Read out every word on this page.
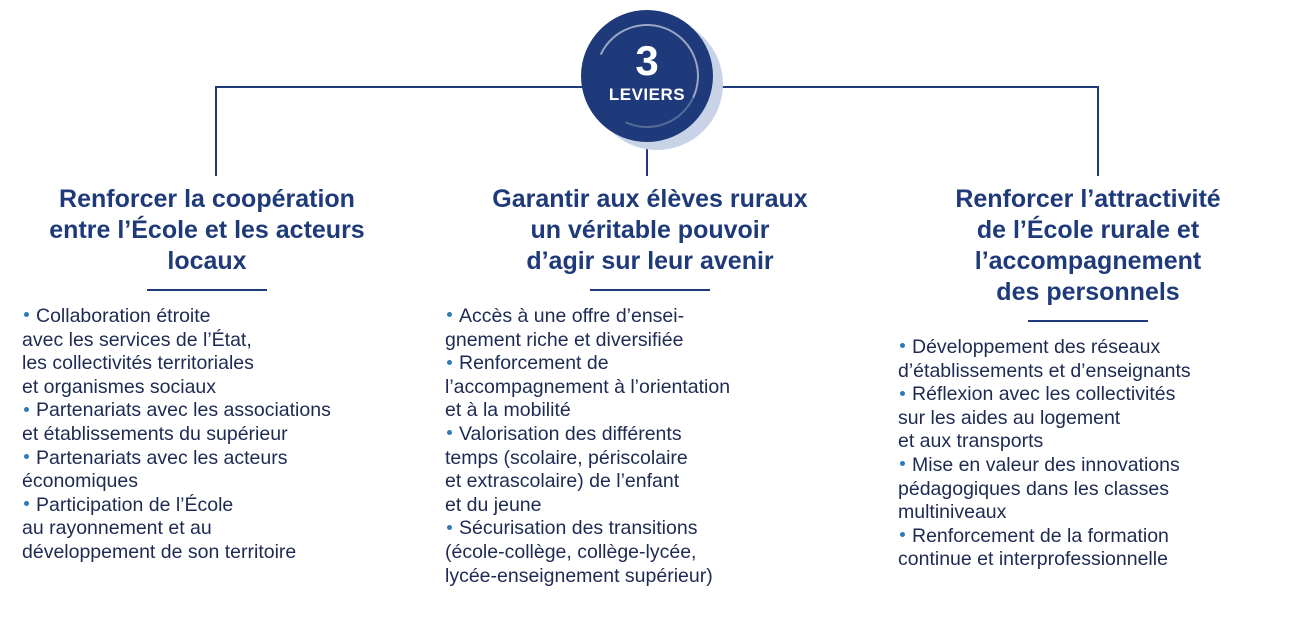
3
LEVIERS
Renforcer la coopération
entre l’École et les acteurs
locaux
Collaboration étroite
avec les services de l’État,
les collectivités territoriales
et organismes sociaux
Partenariats avec les associations
et établissements du supérieur
Partenariats avec les acteurs
économiques
Participation de l’École
au rayonnement et au
développement de son territoire
Garantir aux élèves ruraux
un véritable pouvoir
d’agir sur leur avenir
Accès à une offre d’ensei-
gnement riche et diversifiée
Renforcement de
l’accompagnement à l’orientation
et à la mobilité
Valorisation des différents
temps (scolaire, périscolaire
et extrascolaire) de l’enfant
et du jeune
Sécurisation des transitions
(école-collège, collège-lycée,
lycée-enseignement supérieur)
Renforcer l’attractivité
de l’École rurale et
l’accompagnement
des personnels
Développement des réseaux
d’établissements et d’enseignants
Réflexion avec les collectivités
sur les aides au logement
et aux transports
Mise en valeur des innovations
pédagogiques dans les classes
multiniveaux
Renforcement de la formation
continue et interprofessionnelle
